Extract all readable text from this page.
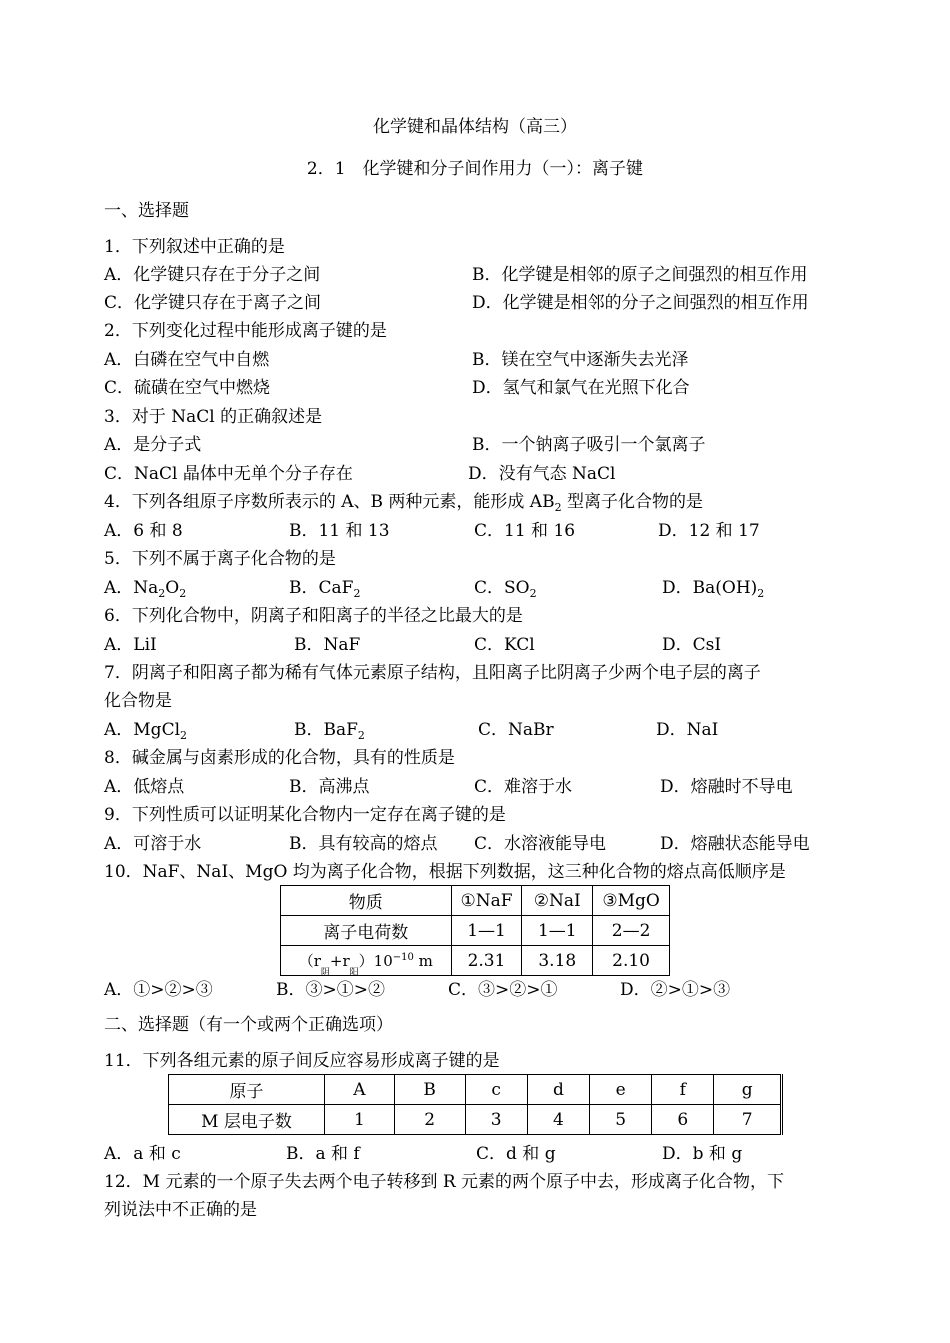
化学键和晶体结构（高三）
2．1　化学键和分子间作用力（一）：离子键
一、选择题
1．下列叙述中正确的是
A．化学键只存在于分子之间	B．化学键是相邻的原子之间强烈的相互作用
C．化学键只存在于离子之间	D．化学键是相邻的分子之间强烈的相互作用
2．下列变化过程中能形成离子键的是
A．白磷在空气中自燃	B．镁在空气中逐渐失去光泽
C．硫磺在空气中燃烧	D．氢气和氯气在光照下化合
3．对于 NaCl 的正确叙述是
A．是分子式	B．一个钠离子吸引一个氯离子
C．NaCl 晶体中无单个分子存在	D．没有气态 NaCl
4．下列各组原子序数所表示的 A、B 两种元素，能形成 $AB_2$ 型离子化合物的是
A．6 和 8	B．11 和 13	C．11 和 16	D．12 和 17
5．下列不属于离子化合物的是
A．$Na_2O_2$	B．CaF$_2$	C．$SO_2$	D．$Ba(OH)_2$
6．下列化合物中，阴离子和阳离子的半径之比最大的是
A．LiI	B．NaF	C．KCl	D．CsI
7．阴离子和阳离子都为稀有气体元素原子结构，且阳离子比阴离子少两个电子层的离子
化合物是
A．MgCl$_2$	B．BaF$_2$	C．NaBr	D．NaI
8．碱金属与卤素形成的化合物，具有的性质是
A．低熔点	B．高沸点	C．难溶于水	D．熔融时不导电
9．下列性质可以证明某化合物内一定存在离子键的是
A．可溶于水	B．具有较高的熔点 C．水溶液能导电	D．熔融状态能导电
10．NaF、NaI、MgO 均为离子化合物，根据下列数据，这三种化合物的熔点高低顺序是
物质	①NaF	②NaI	③MgO
离子电荷数	1—1	1—1	2—2
$(r_阴+r_阳)10^{-10}$ m	2.31	3.18	2.10
A．①>②>③	B．③>①>②	C．③>②>①	D．②>①>③
二、选择题（有一个或两个正确选项）
11．下列各组元素的原子间反应容易形成离子键的是
原子	A	B	c	d	e	f	g
M 层电子数	1	2	3	4	5	6	7
A．a 和 c	B．a 和 f	C．d 和 g	D．b 和 g
12．M 元素的一个原子失去两个电子转移到 R 元素的两个原子中去，形成离子化合物，下
列说法中不正确的是
